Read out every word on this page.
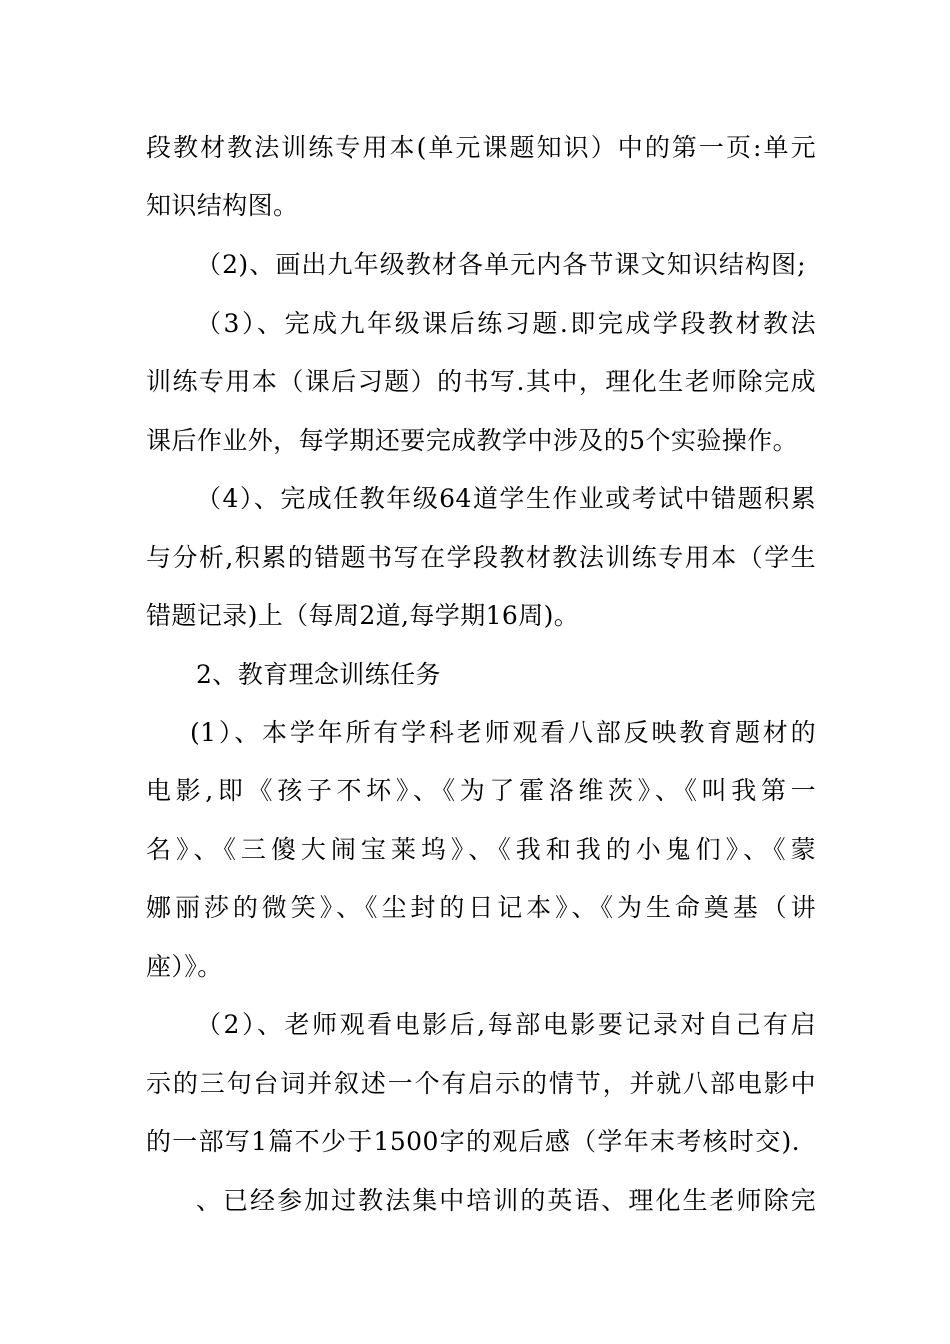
段教材教法训练专用本(单元课题知识）中的第一页:单元
知识结构图。
（2)、画出九年级教材各单元内各节课文知识结构图;
（3）、完成九年级课后练习题.即完成学段教材教法
训练专用本（课后习题）的书写.其中，理化生老师除完成
课后作业外，每学期还要完成教学中涉及的5个实验操作。
（4）、完成任教年级64道学生作业或考试中错题积累
与分析,积累的错题书写在学段教材教法训练专用本（学生
错题记录)上（每周2道,每学期16周)。
2、教育理念训练任务
(1）、本学年所有学科老师观看八部反映教育题材的
电影,即《孩子不坏》、《为了霍洛维茨》、《叫我第一
名》、《三傻大闹宝莱坞》、《我和我的小鬼们》、《蒙
娜丽莎的微笑》、《尘封的日记本》、《为生命奠基（讲
座）》。
（2）、老师观看电影后,每部电影要记录对自己有启
示的三句台词并叙述一个有启示的情节，并就八部电影中
的一部写1篇不少于1500字的观后感（学年末考核时交).
、已经参加过教法集中培训的英语、理化生老师除完
